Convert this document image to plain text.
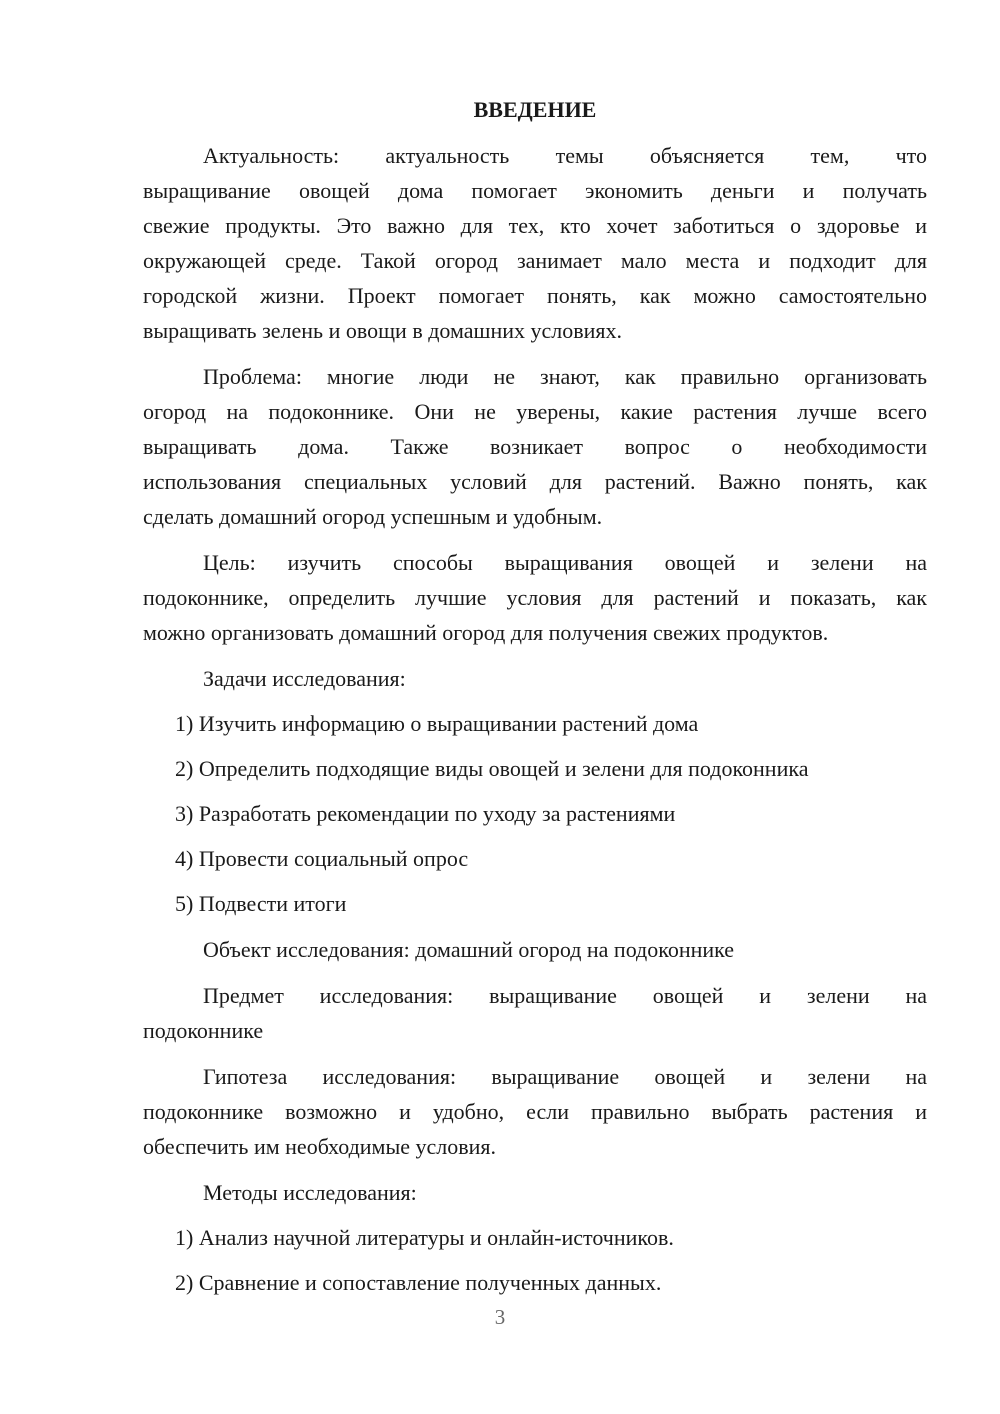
ВВЕДЕНИЕ
Актуальность: актуальность темы объясняется тем, что
выращивание овощей дома помогает экономить деньги и получать
свежие продукты. Это важно для тех, кто хочет заботиться о здоровье и
окружающей среде. Такой огород занимает мало места и подходит для
городской жизни. Проект помогает понять, как можно самостоятельно
выращивать зелень и овощи в домашних условиях.
Проблема: многие люди не знают, как правильно организовать
огород на подоконнике. Они не уверены, какие растения лучше всего
выращивать дома. Также возникает вопрос о необходимости
использования специальных условий для растений. Важно понять, как
сделать домашний огород успешным и удобным.
Цель: изучить способы выращивания овощей и зелени на
подоконнике, определить лучшие условия для растений и показать, как
можно организовать домашний огород для получения свежих продуктов.
Задачи исследования:
1) Изучить информацию о выращивании растений дома
2) Определить подходящие виды овощей и зелени для подоконника
3) Разработать рекомендации по уходу за растениями
4) Провести социальный опрос
5) Подвести итоги
Объект исследования: домашний огород на подоконнике
Предмет исследования: выращивание овощей и зелени на
подоконнике
Гипотеза исследования: выращивание овощей и зелени на
подоконнике возможно и удобно, если правильно выбрать растения и
обеспечить им необходимые условия.
Методы исследования:
1) Анализ научной литературы и онлайн-источников.
2) Сравнение и сопоставление полученных данных.
3
